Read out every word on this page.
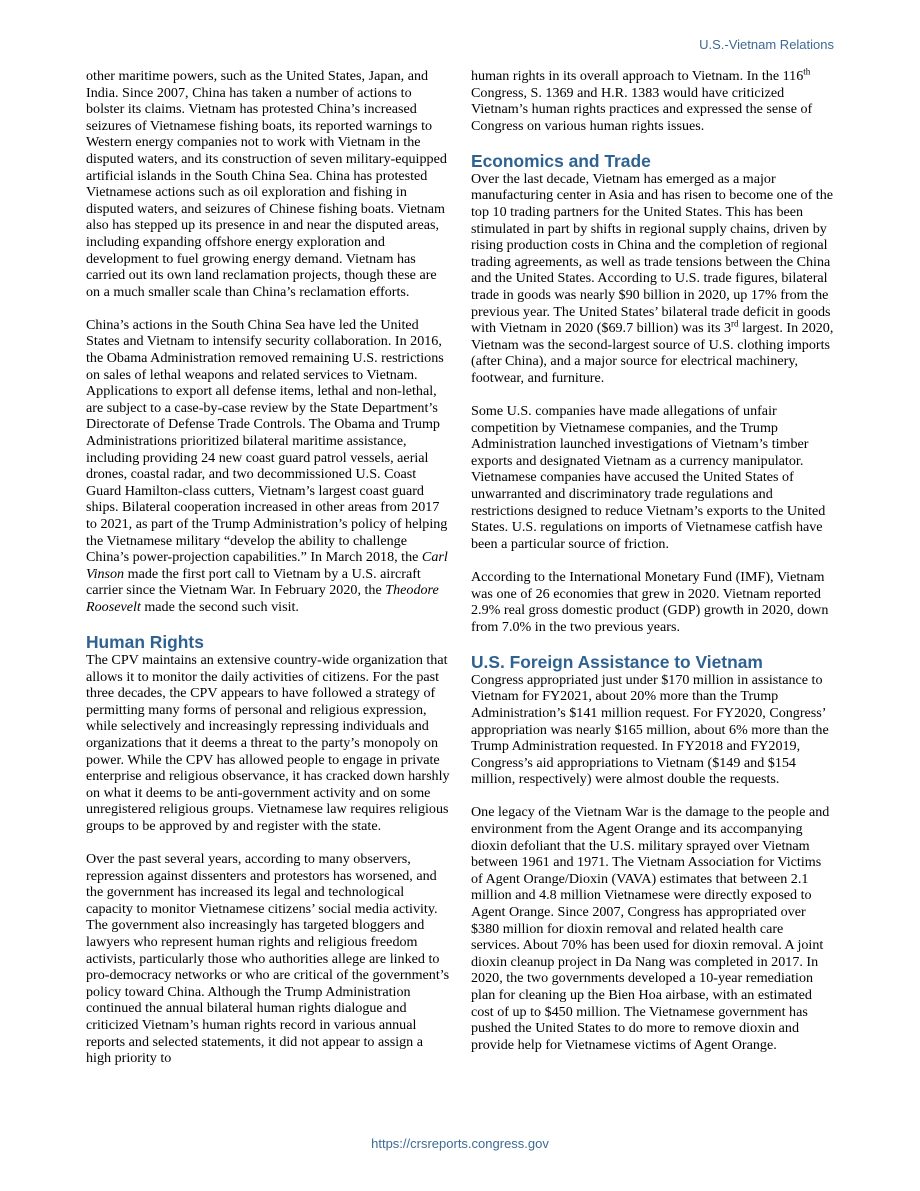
U.S.-Vietnam Relations

other maritime powers, such as the United States, Japan, and India. Since 2007, China has taken a number of actions to bolster its claims. Vietnam has protested China’s increased seizures of Vietnamese fishing boats, its reported warnings to Western energy companies not to work with Vietnam in the disputed waters, and its construction of seven military-equipped artificial islands in the South China Sea. China has protested Vietnamese actions such as oil exploration and fishing in disputed waters, and seizures of Chinese fishing boats. Vietnam also has stepped up its presence in and near the disputed areas, including expanding offshore energy exploration and development to fuel growing energy demand. Vietnam has carried out its own land reclamation projects, though these are on a much smaller scale than China’s reclamation efforts.

China’s actions in the South China Sea have led the United States and Vietnam to intensify security collaboration. In 2016, the Obama Administration removed remaining U.S. restrictions on sales of lethal weapons and related services to Vietnam. Applications to export all defense items, lethal and non-lethal, are subject to a case-by-case review by the State Department’s Directorate of Defense Trade Controls. The Obama and Trump Administrations prioritized bilateral maritime assistance, including providing 24 new coast guard patrol vessels, aerial drones, coastal radar, and two decommissioned U.S. Coast Guard Hamilton-class cutters, Vietnam’s largest coast guard ships. Bilateral cooperation increased in other areas from 2017 to 2021, as part of the Trump Administration’s policy of helping the Vietnamese military “develop the ability to challenge China’s power-projection capabilities.” In March 2018, the Carl Vinson made the first port call to Vietnam by a U.S. aircraft carrier since the Vietnam War. In February 2020, the Theodore Roosevelt made the second such visit.

Human Rights

The CPV maintains an extensive country-wide organization that allows it to monitor the daily activities of citizens. For the past three decades, the CPV appears to have followed a strategy of permitting many forms of personal and religious expression, while selectively and increasingly repressing individuals and organizations that it deems a threat to the party’s monopoly on power. While the CPV has allowed people to engage in private enterprise and religious observance, it has cracked down harshly on what it deems to be anti-government activity and on some unregistered religious groups. Vietnamese law requires religious groups to be approved by and register with the state.

Over the past several years, according to many observers, repression against dissenters and protestors has worsened, and the government has increased its legal and technological capacity to monitor Vietnamese citizens’ social media activity. The government also increasingly has targeted bloggers and lawyers who represent human rights and religious freedom activists, particularly those who authorities allege are linked to pro-democracy networks or who are critical of the government’s policy toward China. Although the Trump Administration continued the annual bilateral human rights dialogue and criticized Vietnam’s human rights record in various annual reports and selected statements, it did not appear to assign a high priority to

human rights in its overall approach to Vietnam. In the 116th Congress, S. 1369 and H.R. 1383 would have criticized Vietnam’s human rights practices and expressed the sense of Congress on various human rights issues.

Economics and Trade

Over the last decade, Vietnam has emerged as a major manufacturing center in Asia and has risen to become one of the top 10 trading partners for the United States. This has been stimulated in part by shifts in regional supply chains, driven by rising production costs in China and the completion of regional trading agreements, as well as trade tensions between the China and the United States. According to U.S. trade figures, bilateral trade in goods was nearly $90 billion in 2020, up 17% from the previous year. The United States’ bilateral trade deficit in goods with Vietnam in 2020 ($69.7 billion) was its 3rd largest. In 2020, Vietnam was the second-largest source of U.S. clothing imports (after China), and a major source for electrical machinery, footwear, and furniture.

Some U.S. companies have made allegations of unfair competition by Vietnamese companies, and the Trump Administration launched investigations of Vietnam’s timber exports and designated Vietnam as a currency manipulator. Vietnamese companies have accused the United States of unwarranted and discriminatory trade regulations and restrictions designed to reduce Vietnam’s exports to the United States. U.S. regulations on imports of Vietnamese catfish have been a particular source of friction.

According to the International Monetary Fund (IMF), Vietnam was one of 26 economies that grew in 2020. Vietnam reported 2.9% real gross domestic product (GDP) growth in 2020, down from 7.0% in the two previous years.

U.S. Foreign Assistance to Vietnam

Congress appropriated just under $170 million in assistance to Vietnam for FY2021, about 20% more than the Trump Administration’s $141 million request. For FY2020, Congress’ appropriation was nearly $165 million, about 6% more than the Trump Administration requested. In FY2018 and FY2019, Congress’s aid appropriations to Vietnam ($149 and $154 million, respectively) were almost double the requests.

One legacy of the Vietnam War is the damage to the people and environment from the Agent Orange and its accompanying dioxin defoliant that the U.S. military sprayed over Vietnam between 1961 and 1971. The Vietnam Association for Victims of Agent Orange/Dioxin (VAVA) estimates that between 2.1 million and 4.8 million Vietnamese were directly exposed to Agent Orange. Since 2007, Congress has appropriated over $380 million for dioxin removal and related health care services. About 70% has been used for dioxin removal. A joint dioxin cleanup project in Da Nang was completed in 2017. In 2020, the two governments developed a 10-year remediation plan for cleaning up the Bien Hoa airbase, with an estimated cost of up to $450 million. The Vietnamese government has pushed the United States to do more to remove dioxin and provide help for Vietnamese victims of Agent Orange.

https://crsreports.congress.gov
